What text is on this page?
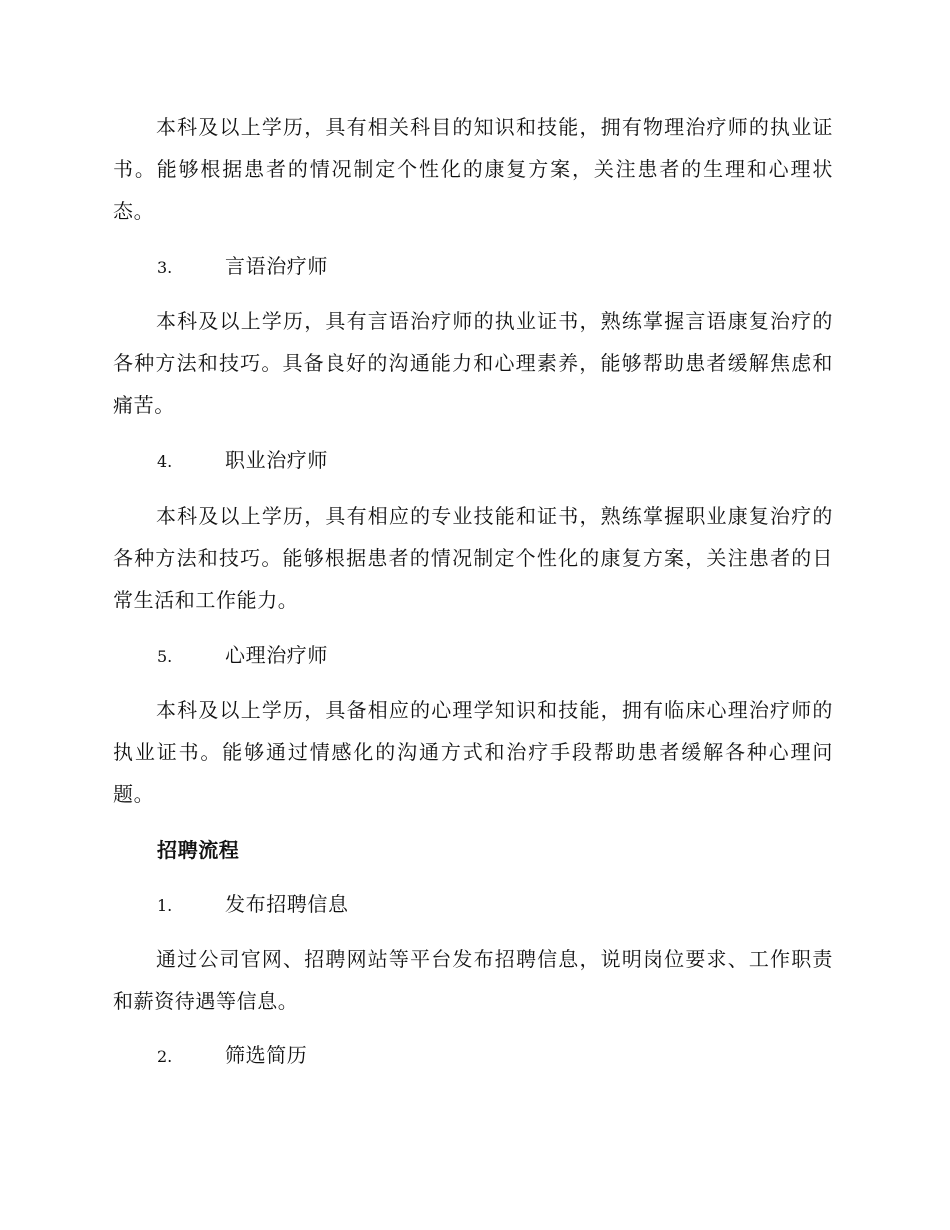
本科及以上学历，具有相关科目的知识和技能，拥有物理治疗师的执业证书。能够根据患者的情况制定个性化的康复方案，关注患者的生理和心理状态。
3.	言语治疗师
本科及以上学历，具有言语治疗师的执业证书，熟练掌握言语康复治疗的各种方法和技巧。具备良好的沟通能力和心理素养，能够帮助患者缓解焦虑和痛苦。
4.	职业治疗师
本科及以上学历，具有相应的专业技能和证书，熟练掌握职业康复治疗的各种方法和技巧。能够根据患者的情况制定个性化的康复方案，关注患者的日常生活和工作能力。
5.	心理治疗师
本科及以上学历，具备相应的心理学知识和技能，拥有临床心理治疗师的执业证书。能够通过情感化的沟通方式和治疗手段帮助患者缓解各种心理问题。
招聘流程
1.	发布招聘信息
通过公司官网、招聘网站等平台发布招聘信息，说明岗位要求、工作职责和薪资待遇等信息。
2.	筛选简历
